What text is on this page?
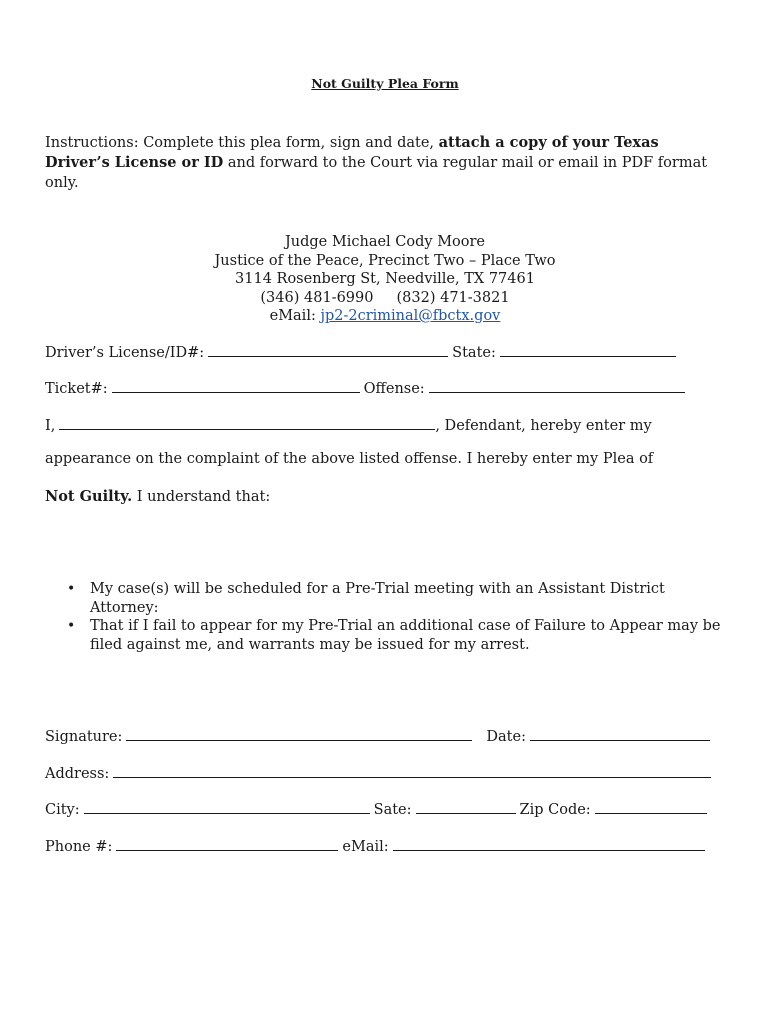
Not Guilty Plea Form
Instructions: Complete this plea form, sign and date, attach a copy of your Texas Driver’s License or ID and forward to the Court via regular mail or email in PDF format only.
Judge Michael Cody Moore
Justice of the Peace, Precinct Two – Place Two
3114 Rosenberg St, Needville, TX 77461
(346) 481-6990     (832) 471-3821
eMail: jp2-2criminal@fbctx.gov
Driver’s License/ID#:	State:
Ticket#:	Offense:
I,	, Defendant, hereby enter my
appearance on the complaint of the above listed offense. I hereby enter my Plea of
Not Guilty. I understand that:
• My case(s) will be scheduled for a Pre-Trial meeting with an Assistant District Attorney:
• That if I fail to appear for my Pre-Trial an additional case of Failure to Appear may be filed against me, and warrants may be issued for my arrest.
Signature:	Date:
Address:
City:	Sate:	Zip Code:
Phone #:	eMail:
